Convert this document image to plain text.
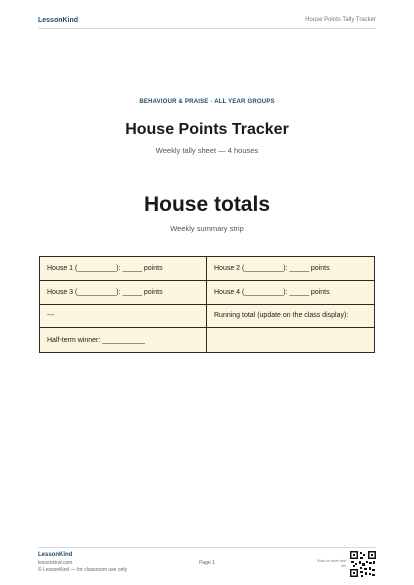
LessonKind	House Points Tally Tracker
BEHAVIOUR & PRAISE · ALL YEAR GROUPS
House Points Tracker
Weekly tally sheet — 4 houses
House totals
Weekly summary strip
House 1 (__________): _____ points	House 2 (__________): _____ points
House 3 (__________): _____ points	House 4 (__________): _____ points
---	Running total (update on the class display):
Half-term winner: ___________
LessonKind
lessonkind.com
© LessonKind — for classroom use only
Page 1	Scan for more free res
